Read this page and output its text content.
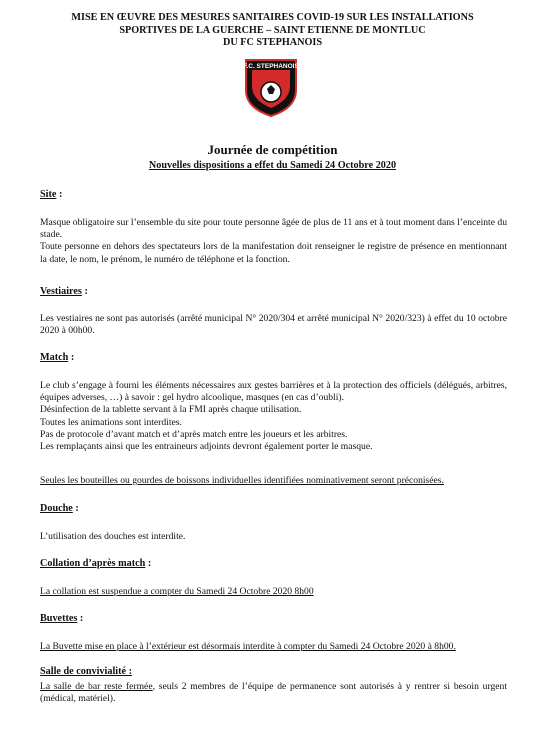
MISE EN ŒUVRE DES MESURES SANITAIRES COVID-19 SUR LES INSTALLATIONS
SPORTIVES DE LA GUERCHE – SAINT ETIENNE DE MONTLUC
DU FC STEPHANOIS
F.C. STEPHANOIS
Journée de compétition
Nouvelles dispositions a effet du Samedi 24 Octobre 2020
Site :

Masque obligatoire sur l’ensemble du site pour toute personne âgée de plus de 11 ans et à tout moment dans l’enceinte du stade.

Toute personne en dehors des spectateurs lors de la manifestation doit renseigner le registre de présence en mentionnant la date, le nom, le prénom, le numéro de téléphone et la fonction.

Vestiaires :

Les vestiaires ne sont pas autorisés (arrêté municipal N° 2020/304 et arrêté municipal N° 2020/323) à effet du 10 octobre 2020 à 00h00.

Match :

Le club s’engage à fourni les éléments nécessaires aux gestes barrières et à la protection des officiels (délégués, arbitres, équipes adverses, …) à savoir : gel hydro alcoolique, masques (en cas d’oubli).

Désinfection de la tablette servant à la FMI après chaque utilisation.

Toutes les animations sont interdites.

Pas de protocole d’avant match et d’après match entre les joueurs et les arbitres.

Les remplaçants ainsi que les entraineurs adjoints devront également porter le masque.

Seules les bouteilles ou gourdes de boissons individuelles identifiées nominativement seront préconisées.
Douche :

L’utilisation des douches est interdite.

Collation d’après match :
La collation est suspendue a compter du Samedi 24 Octobre 2020 8h00
Buvettes :
La Buvette mise en place à l’extérieur est désormais interdite à compter du Samedi 24 Octobre 2020 à 8h00.
Salle de convivialité :
La salle de bar reste fermée, seuls 2 membres de l’équipe de permanence sont autorisés à y rentrer si besoin urgent (médical, matériel).
